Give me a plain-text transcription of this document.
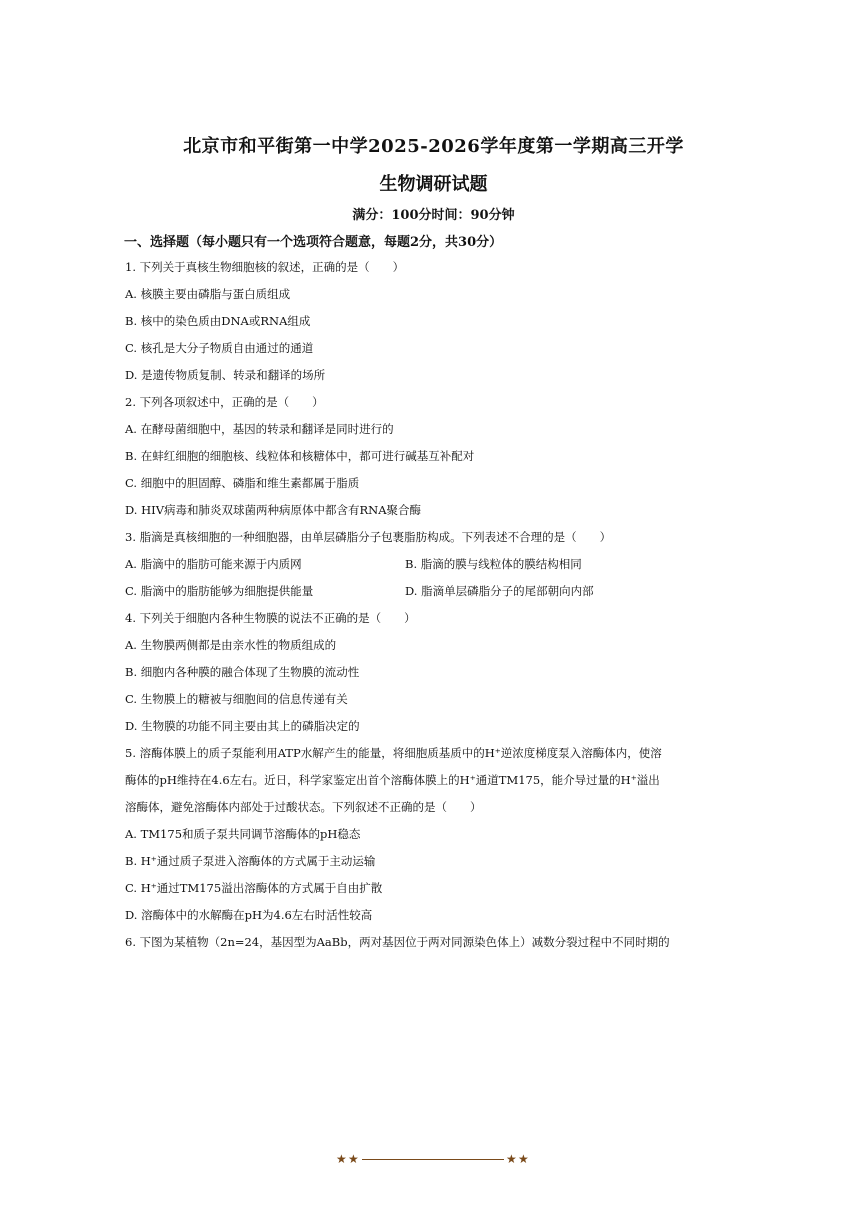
北京市和平街第一中学2025-2026学年度第一学期高三开学
生物调研试题
满分：100分时间：90分钟
一、选择题（每小题只有一个选项符合题意，每题2分，共30分）
1. 下列关于真核生物细胞核的叙述，正确的是（　　）
A. 核膜主要由磷脂与蛋白质组成
B. 核中的染色质由DNA或RNA组成
C. 核孔是大分子物质自由通过的通道
D. 是遗传物质复制、转录和翻译的场所
2. 下列各项叙述中，正确的是（　　）
A. 在酵母菌细胞中，基因的转录和翻译是同时进行的
B. 在蚌红细胞的细胞核、线粒体和核糖体中，都可进行碱基互补配对
C. 细胞中的胆固醇、磷脂和维生素都属于脂质
D. HIV病毒和肺炎双球菌两种病原体中都含有RNA聚合酶
3. 脂滴是真核细胞的一种细胞器，由单层磷脂分子包裹脂肪构成。下列表述不合理的是（　　）
A. 脂滴中的脂肪可能来源于内质网	B. 脂滴的膜与线粒体的膜结构相同
C. 脂滴中的脂肪能够为细胞提供能量	D. 脂滴单层磷脂分子的尾部朝向内部
4. 下列关于细胞内各种生物膜的说法不正确的是（　　）
A. 生物膜两侧都是由亲水性的物质组成的
B. 细胞内各种膜的融合体现了生物膜的流动性
C. 生物膜上的糖被与细胞间的信息传递有关
D. 生物膜的功能不同主要由其上的磷脂决定的
5. 溶酶体膜上的质子泵能利用ATP水解产生的能量，将细胞质基质中的H⁺逆浓度梯度泵入溶酶体内，使溶
酶体的pH维持在4.6左右。近日，科学家鉴定出首个溶酶体膜上的H⁺通道TM175，能介导过量的H⁺溢出
溶酶体，避免溶酶体内部处于过酸状态。下列叙述不正确的是（　　）
A. TM175和质子泵共同调节溶酶体的pH稳态
B. H⁺通过质子泵进入溶酶体的方式属于主动运输
C. H⁺通过TM175溢出溶酶体的方式属于自由扩散
D. 溶酶体中的水解酶在pH为4.6左右时活性较高
6. 下图为某植物（2n=24，基因型为AaBb，两对基因位于两对同源染色体上）减数分裂过程中不同时期的
★ ★	★ ★
